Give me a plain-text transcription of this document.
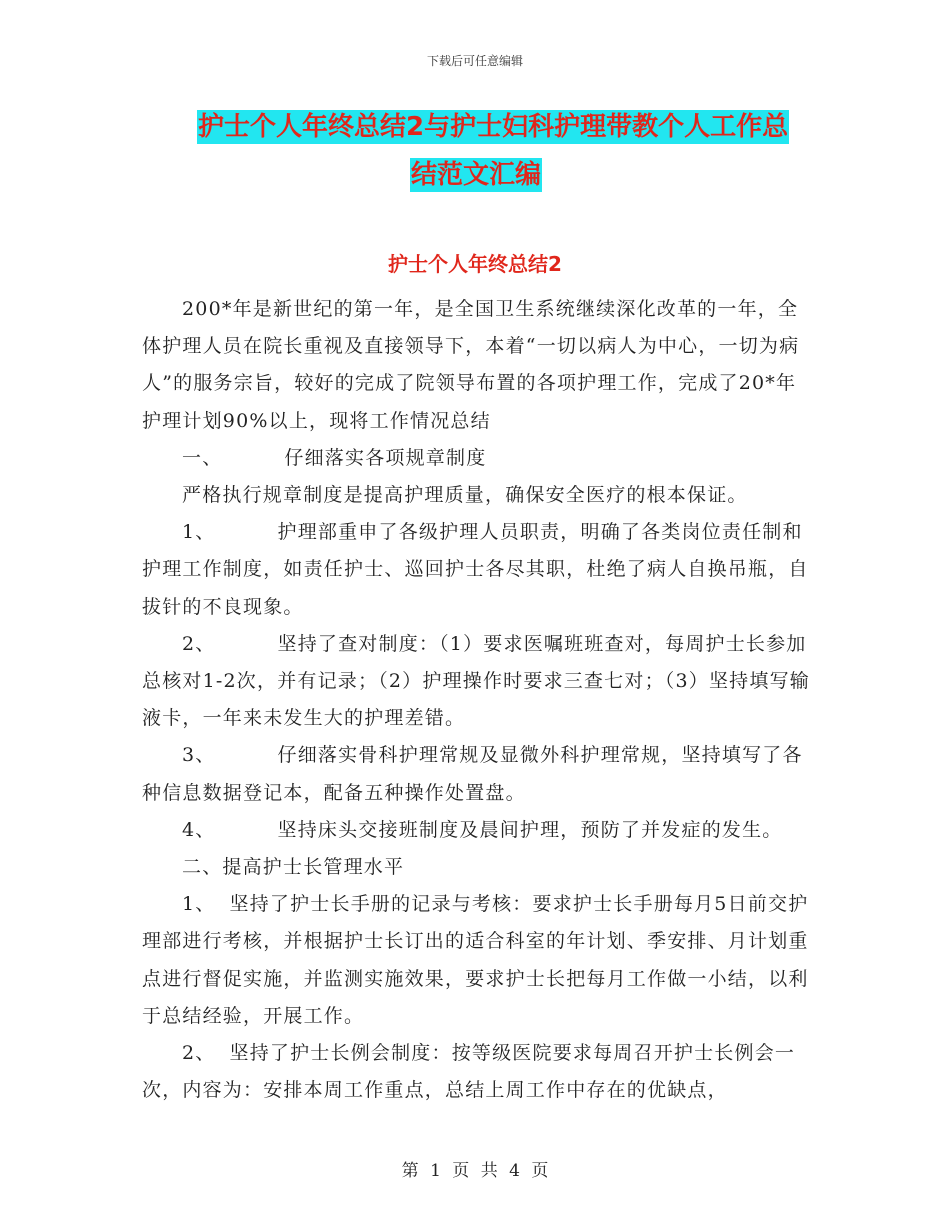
下载后可任意编辑
护士个人年终总结2与护士妇科护理带教个人工作总
结范文汇编
护士个人年终总结2

200*年是新世纪的第一年，是全国卫生系统继续深化改革的一年，全体护理人员在院长重视及直接领导下，本着“一切以病人为中心，一切为病人”的服务宗旨，较好的完成了院领导布置的各项护理工作，完成了20*年护理计划90%以上，现将工作情况总结

一、	仔细落实各项规章制度

严格执行规章制度是提高护理质量，确保安全医疗的根本保证。

1、	护理部重申了各级护理人员职责，明确了各类岗位责任制和护理工作制度，如责任护士、巡回护士各尽其职，杜绝了病人自换吊瓶，自拔针的不良现象。

2、	坚持了查对制度：（1）要求医嘱班班查对，每周护士长参加总核对1-2次，并有记录；（2）护理操作时要求三查七对；（3）坚持填写输液卡，一年来未发生大的护理差错。

3、	仔细落实骨科护理常规及显微外科护理常规，坚持填写了各种信息数据登记本，配备五种操作处置盘。

4、	坚持床头交接班制度及晨间护理，预防了并发症的发生。

二、提高护士长管理水平

1、 坚持了护士长手册的记录与考核：要求护士长手册每月5日前交护理部进行考核，并根据护士长订出的适合科室的年计划、季安排、月计划重点进行督促实施，并监测实施效果，要求护士长把每月工作做一小结，以利于总结经验，开展工作。

2、 坚持了护士长例会制度：按等级医院要求每周召开护士长例会一次，内容为：安排本周工作重点，总结上周工作中存在的优缺点，

第 1 页 共 4 页
